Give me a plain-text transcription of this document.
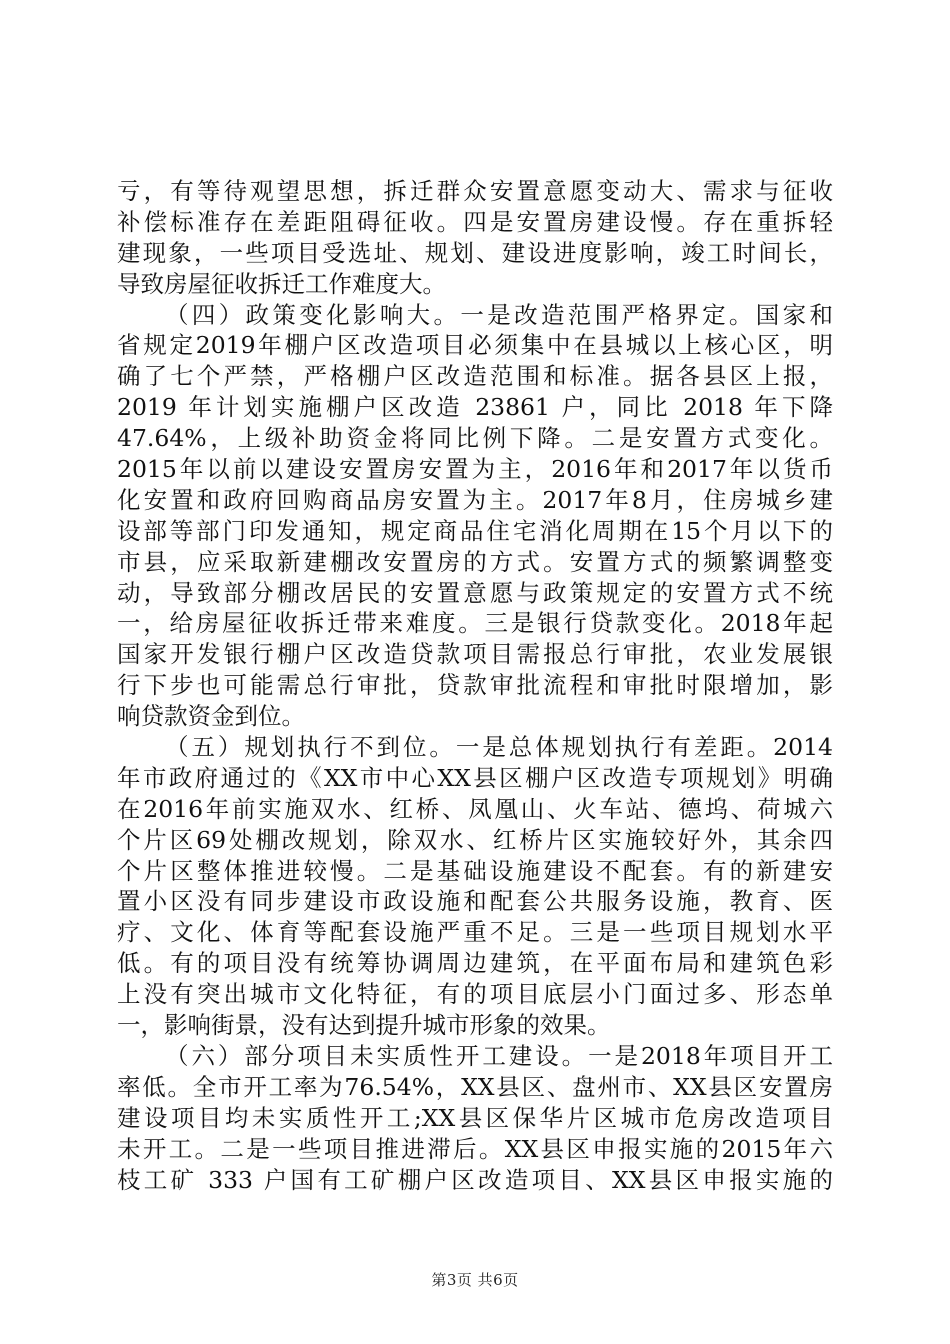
亏，有等待观望思想，拆迁群众安置意愿变动大、需求与征收
补偿标准存在差距阻碍征收。四是安置房建设慢。存在重拆轻
建现象，一些项目受选址、规划、建设进度影响，竣工时间长，
导致房屋征收拆迁工作难度大。
（四）政策变化影响大。一是改造范围严格界定。国家和
省规定2019年棚户区改造项目必须集中在县城以上核心区，明
确了七个严禁，严格棚户区改造范围和标准。据各县区上报，
2019 年计划实施棚户区改造 23861 户，同比 2018 年下降
47.64%，上级补助资金将同比例下降。二是安置方式变化。
2015年以前以建设安置房安置为主，2016年和2017年以货币
化安置和政府回购商品房安置为主。2017年8月，住房城乡建
设部等部门印发通知，规定商品住宅消化周期在15个月以下的
市县，应采取新建棚改安置房的方式。安置方式的频繁调整变
动，导致部分棚改居民的安置意愿与政策规定的安置方式不统
一，给房屋征收拆迁带来难度。三是银行贷款变化。2018年起
国家开发银行棚户区改造贷款项目需报总行审批，农业发展银
行下步也可能需总行审批，贷款审批流程和审批时限增加，影
响贷款资金到位。
（五）规划执行不到位。一是总体规划执行有差距。2014
年市政府通过的《XX市中心XX县区棚户区改造专项规划》明确
在2016年前实施双水、红桥、凤凰山、火车站、德坞、荷城六
个片区69处棚改规划，除双水、红桥片区实施较好外，其余四
个片区整体推进较慢。二是基础设施建设不配套。有的新建安
置小区没有同步建设市政设施和配套公共服务设施，教育、医
疗、文化、体育等配套设施严重不足。三是一些项目规划水平
低。有的项目没有统筹协调周边建筑，在平面布局和建筑色彩
上没有突出城市文化特征，有的项目底层小门面过多、形态单
一，影响街景，没有达到提升城市形象的效果。
（六）部分项目未实质性开工建设。一是2018年项目开工
率低。全市开工率为76.54%，XX县区、盘州市、XX县区安置房
建设项目均未实质性开工;XX县区保华片区城市危房改造项目
未开工。二是一些项目推进滞后。XX县区申报实施的2015年六
枝工矿 333 户国有工矿棚户区改造项目、XX县区申报实施的
第3页 共6页
